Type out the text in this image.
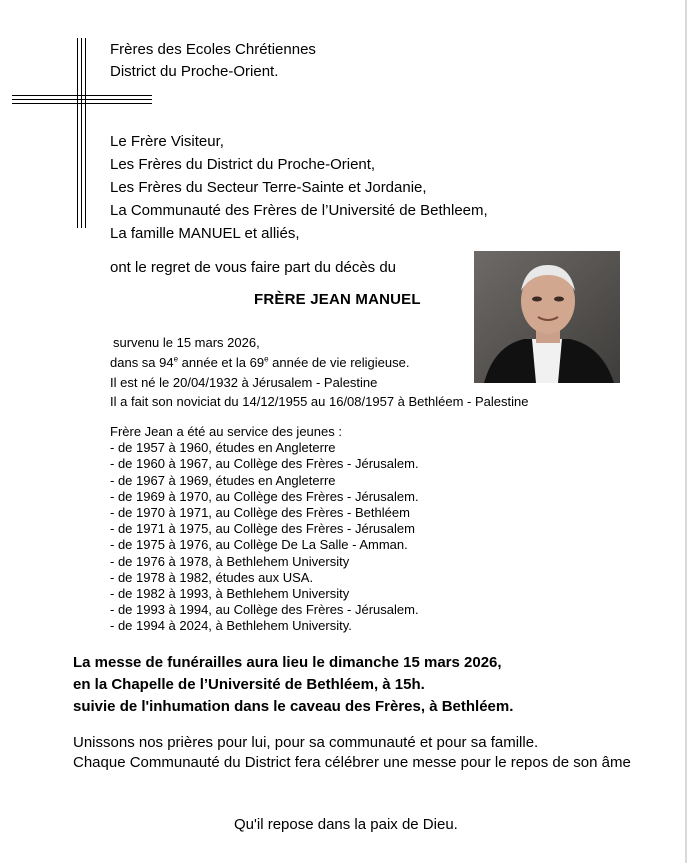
Frères des Ecoles Chrétiennes
District du Proche-Orient.
Le Frère Visiteur,
Les Frères du District du Proche-Orient,
Les Frères du Secteur Terre-Sainte et Jordanie,
La Communauté des Frères de l’Université de Bethleem,
La famille MANUEL et alliés,
ont le regret de vous faire part du décès du
FRÈRE JEAN MANUEL
survenu le 15 mars 2026,
dans sa 94e année et la 69e année de vie religieuse.
Il est né le 20/04/1932 à Jérusalem - Palestine
Il a fait son noviciat du 14/12/1955 au 16/08/1957 à Bethléem - Palestine
Frère Jean a été au service des jeunes :
- de 1957 à 1960, études en Angleterre
- de 1960 à 1967, au Collège des Frères - Jérusalem.
- de 1967 à 1969, études en Angleterre
- de 1969 à 1970, au Collège des Frères - Jérusalem.
- de 1970 à 1971, au Collège des Frères - Bethléem
- de 1971 à 1975, au Collège des Frères - Jérusalem
- de 1975 à 1976, au Collège De La Salle - Amman.
- de 1976 à 1978, à Bethlehem University
- de 1978 à 1982, études aux USA.
- de 1982 à 1993, à Bethlehem University
- de 1993 à 1994, au Collège des Frères - Jérusalem.
- de 1994 à 2024, à Bethlehem University.
La messe de funérailles aura lieu le dimanche 15 mars 2026,
en la Chapelle de l’Université de Bethléem, à 15h.
suivie de l'inhumation dans le caveau des Frères, à Bethléem.
Unissons nos prières pour lui, pour sa communauté et pour sa famille.
Chaque Communauté du District fera célébrer une messe pour le repos de son âme
Qu'il repose dans la paix de Dieu.
